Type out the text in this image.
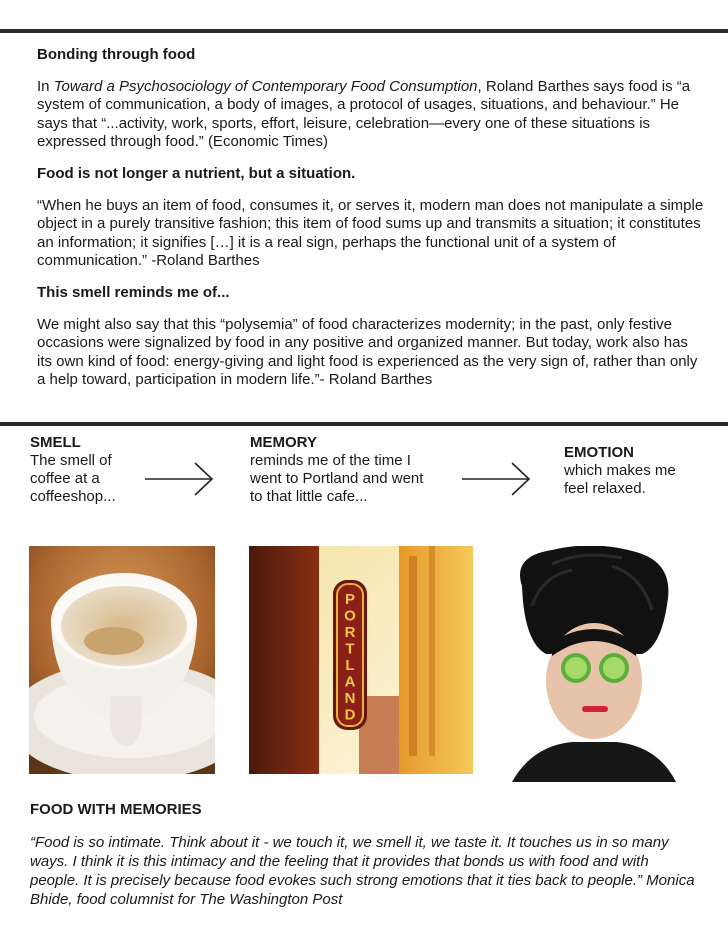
Bonding through food

In Toward a Psychosociology of Contemporary Food Consumption, Roland Barthes says food is “a system of communication, a body of images, a protocol of usages, situations, and behaviour.” He says that “...activity, work, sports, effort, leisure, celebration—every one of these situations is expressed through food.” (Economic Times)

Food is not longer a nutrient, but a situation.

“When he buys an item of food, consumes it, or serves it, modern man does not manipulate a simple object in a purely transitive fashion; this item of food sums up and transmits a situation; it constitutes an information; it signifies […] it is a real sign, perhaps the functional unit of a system of communication.” -Roland Barthes

This smell reminds me of...

We might also say that this “polysemia” of food characterizes modernity; in the past, only festive occasions were signalized by food in any positive and organized manner. But today, work also has its own kind of food: energy-giving and light food is experienced as the very sign of, rather than only a help toward, participation in modern life.”- Roland Barthes

SMELL
The smell of coffee at a coffeeshop...
MEMORY
reminds me of the time I went to Portland and went to that little cafe...
EMOTION
which makes me feel relaxed.
P
O
R
T
L
A
N
D
FOOD WITH MEMORIES

“Food is so intimate. Think about it - we touch it, we smell it, we taste it. It touches us in so many ways. I think it is this intimacy and the feeling that it provides that bonds us with food and with people. It is precisely because food evokes such strong emotions that it ties back to people.” Monica Bhide, food columnist for The Washington Post
